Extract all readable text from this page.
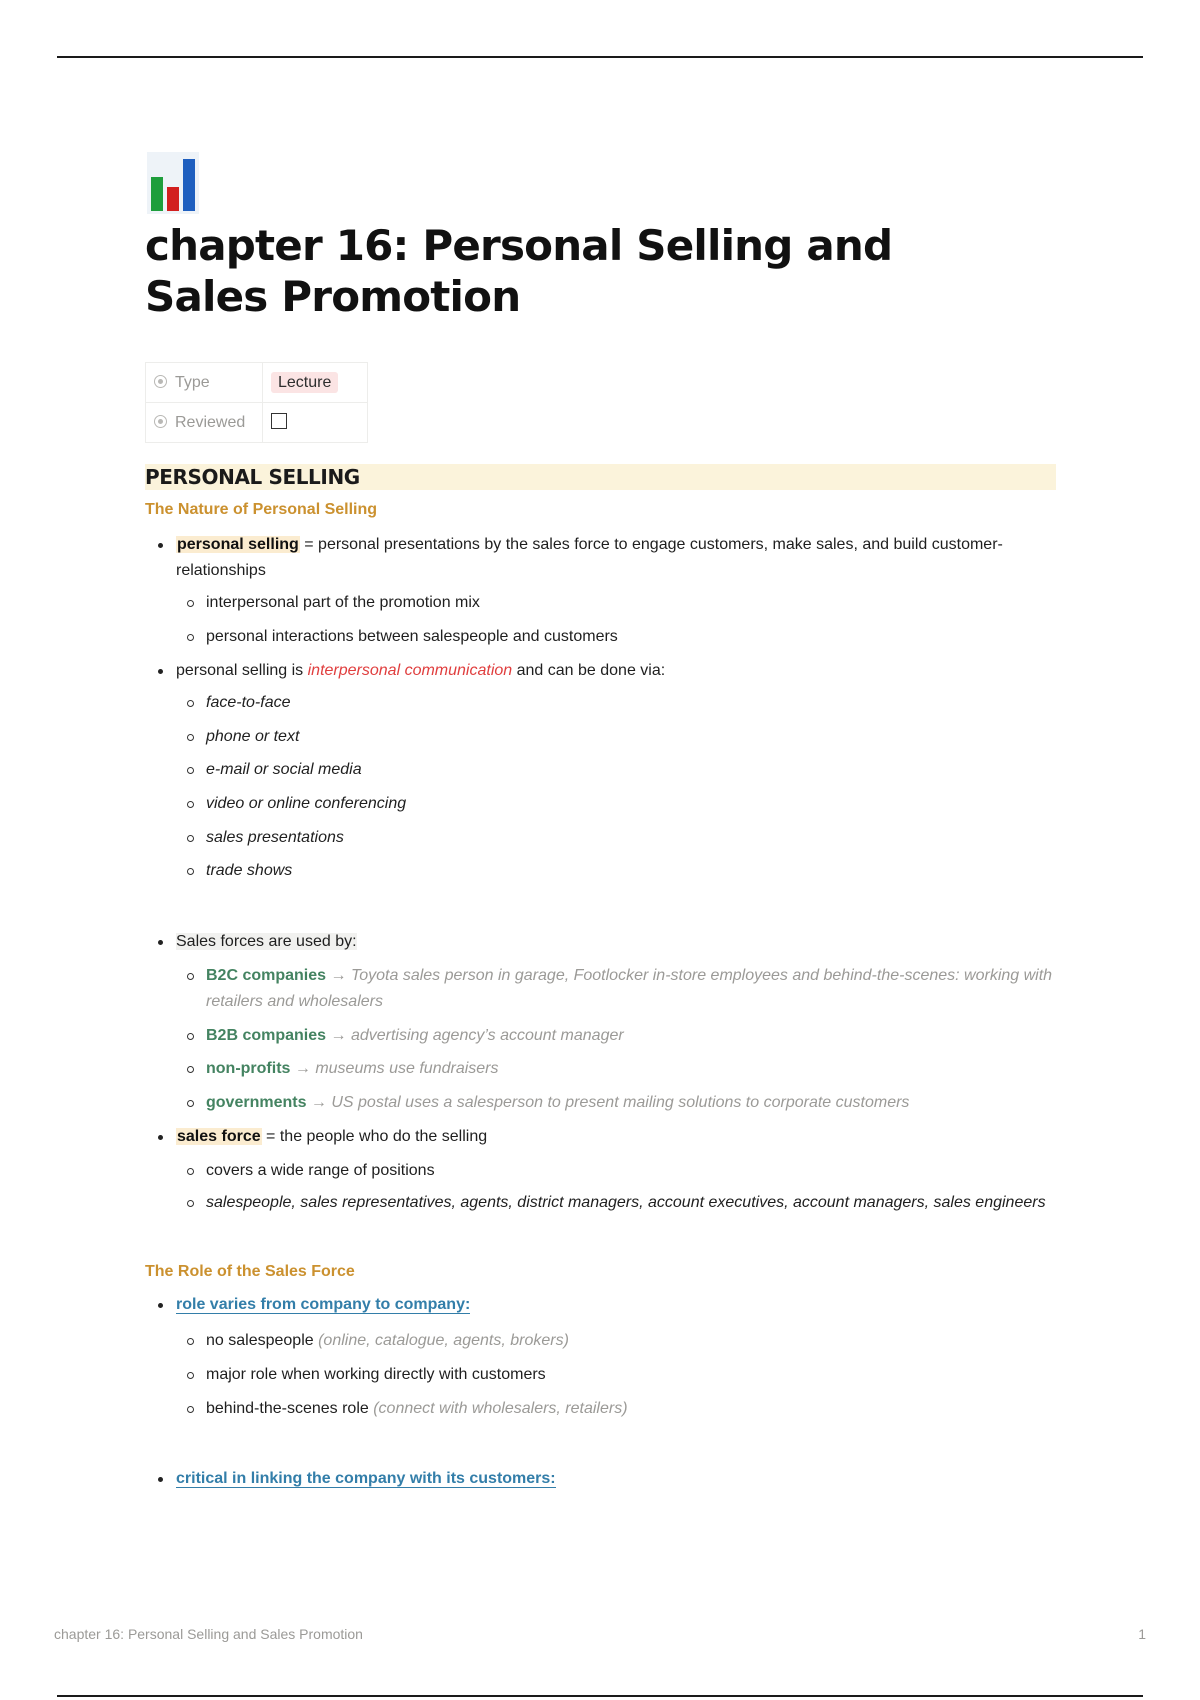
chapter 16: Personal Selling and Sales Promotion
Type	Lecture
Reviewed	
PERSONAL SELLING
The Nature of Personal Selling
personal selling = personal presentations by the sales force to engage customers, make sales, and build customer-relationships
interpersonal part of the promotion mix
personal interactions between salespeople and customers
personal selling is interpersonal communication and can be done via:
face-to-face
phone or text
e-mail or social media
video or online conferencing
sales presentations
trade shows
Sales forces are used by:
B2C companies → Toyota sales person in garage, Footlocker in-store employees and behind-the-scenes: working with retailers and wholesalers
B2B companies → advertising agency’s account manager
non-profits → museums use fundraisers
governments → US postal uses a salesperson to present mailing solutions to corporate customers
sales force = the people who do the selling
covers a wide range of positions
salespeople, sales representatives, agents, district managers, account executives, account managers, sales engineers
The Role of the Sales Force
role varies from company to company:
no salespeople (online, catalogue, agents, brokers)
major role when working directly with customers
behind-the-scenes role (connect with wholesalers, retailers)
critical in linking the company with its customers:
chapter 16: Personal Selling and Sales Promotion	1
